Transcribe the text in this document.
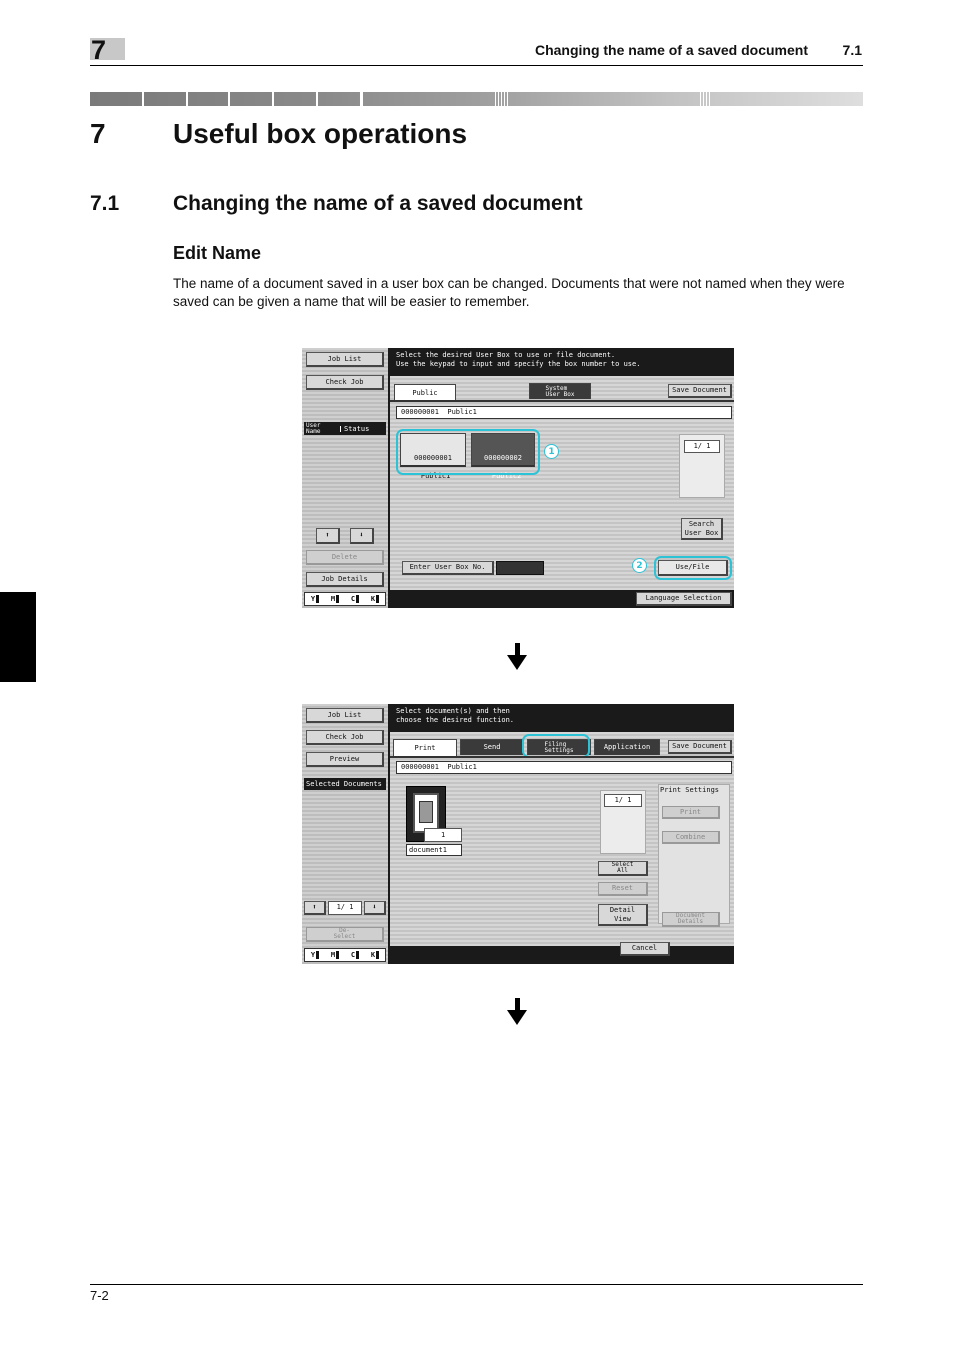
7	Changing the name of a saved document 7.1
7 Useful box operations
7.1	Changing the name of a saved document
Edit Name

The name of a document saved in a user box can be changed. Documents that were not named when they were saved can be given a name that will be easier to remember.

Job List
Check Job
User
Name	Status
⬆	⬇
Delete
Job Details
Y M C K
Select the desired User Box to use or file document.
Use the keypad to input and specify the box number to use.
Public
System
User Box	Save Document
000000001  Public1

000000001

Public1

000000002

Public2

1
1/ 1
Search
User Box
Enter User Box No.	Use/File
2

04/15/2009     15:28

Memory         100%

Language Selection
Job List
Check Job
Preview
Selected Documents
⬆	1/ 1	⬇
De-
Select
Y M C K
Select document(s) and then
choose the desired function.
Print	Send	Filing
Settings	Application	Save Document
000000001  Public1
1
document1
1/ 1
Select
All
Reset
Detail
View
Print Settings
Print
Combine
Document
Details

03/19/2009     09:39

Memory          99%

Cancel
7-2
